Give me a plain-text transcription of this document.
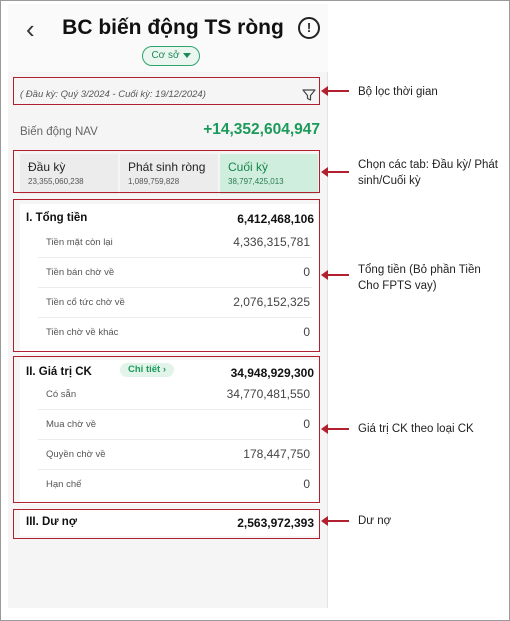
‹ BC biến động TS ròng	!
Cơ sở
( Đầu kỳ: Quý 3/2024 - Cuối kỳ: 19/12/2024)
Biến động NAV	+14,352,604,947
Đầu kỳ
23,355,060,238
Phát sinh ròng
1,089,759,828
Cuối kỳ
38,797,425,013
I. Tổng tiền	6,412,468,106
Tiền mặt còn lại	4,336,315,781
Tiền bán chờ về	0
Tiền cổ tức chờ về	2,076,152,325
Tiền chờ về khác	0
II. Giá trị CK	Chi tiết ›	34,948,929,300
Có sẵn	34,770,481,550
Mua chờ về	0
Quyền chờ về	178,447,750
Hạn chế	0
III. Dư nợ	2,563,972,393
Bộ lọc thời gian
Chọn các tab: Đầu kỳ/ Phát sinh/Cuối kỳ
Tổng tiền (Bỏ phần Tiền Cho FPTS vay)
Giá trị CK theo loại CK
Dư nợ
